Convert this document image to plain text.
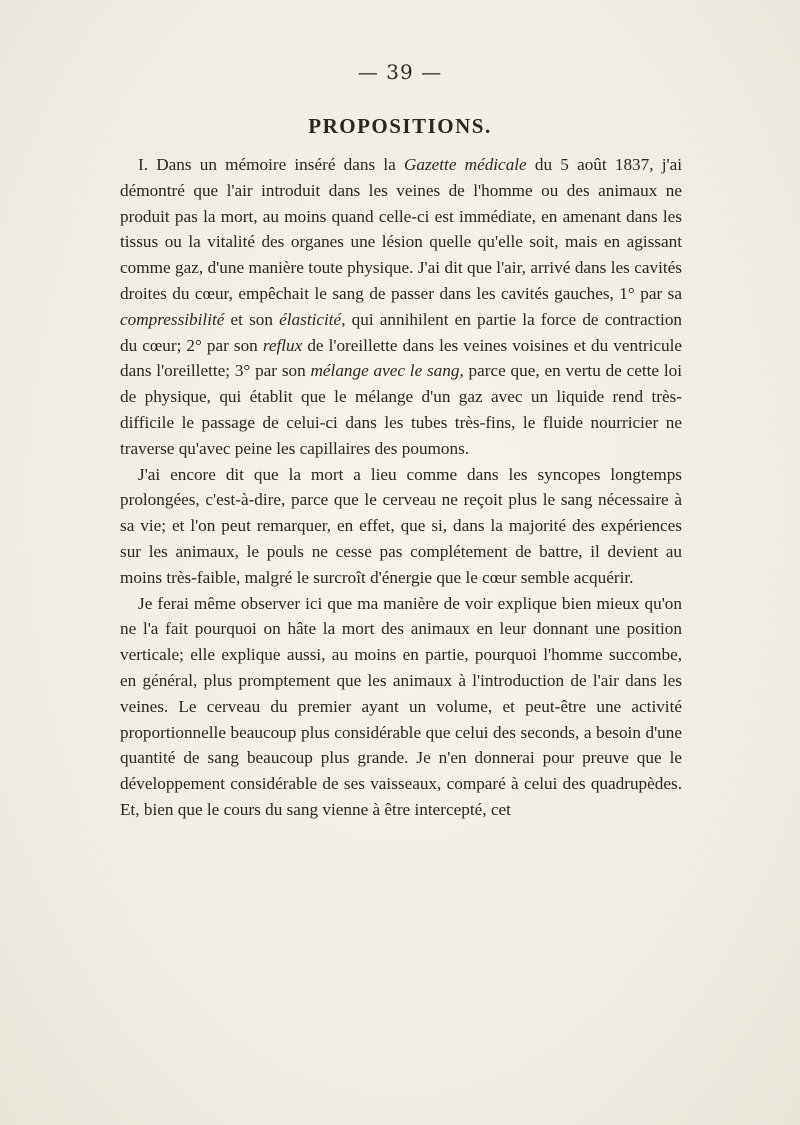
— 39 —
PROPOSITIONS.

I. Dans un mémoire inséré dans la Gazette médicale du 5 août 1837, j'ai démontré que l'air introduit dans les veines de l'homme ou des animaux ne produit pas la mort, au moins quand celle-ci est immédiate, en amenant dans les tissus ou la vitalité des organes une lésion quelle qu'elle soit, mais en agissant comme gaz, d'une manière toute physique. J'ai dit que l'air, arrivé dans les cavités droites du cœur, empêchait le sang de passer dans les cavités gauches, 1° par sa compressibilité et son élasticité, qui annihilent en partie la force de contraction du cœur; 2° par son reflux de l'oreillette dans les veines voisines et du ventricule dans l'oreillette; 3° par son mélange avec le sang, parce que, en vertu de cette loi de physique, qui établit que le mélange d'un gaz avec un liquide rend très-difficile le passage de celui-ci dans les tubes très-fins, le fluide nourricier ne traverse qu'avec peine les capillaires des poumons.

J'ai encore dit que la mort a lieu comme dans les syncopes longtemps prolongées, c'est-à-dire, parce que le cerveau ne reçoit plus le sang nécessaire à sa vie; et l'on peut remarquer, en effet, que si, dans la majorité des expériences sur les animaux, le pouls ne cesse pas complétement de battre, il devient au moins très-faible, malgré le surcroît d'énergie que le cœur semble acquérir.

Je ferai même observer ici que ma manière de voir explique bien mieux qu'on ne l'a fait pourquoi on hâte la mort des animaux en leur donnant une position verticale; elle explique aussi, au moins en partie, pourquoi l'homme succombe, en général, plus promptement que les animaux à l'introduction de l'air dans les veines. Le cerveau du premier ayant un volume, et peut-être une activité proportionnelle beaucoup plus considérable que celui des seconds, a besoin d'une quantité de sang beaucoup plus grande. Je n'en donnerai pour preuve que le développement considérable de ses vaisseaux, comparé à celui des quadrupèdes. Et, bien que le cours du sang vienne à être intercepté, cet
